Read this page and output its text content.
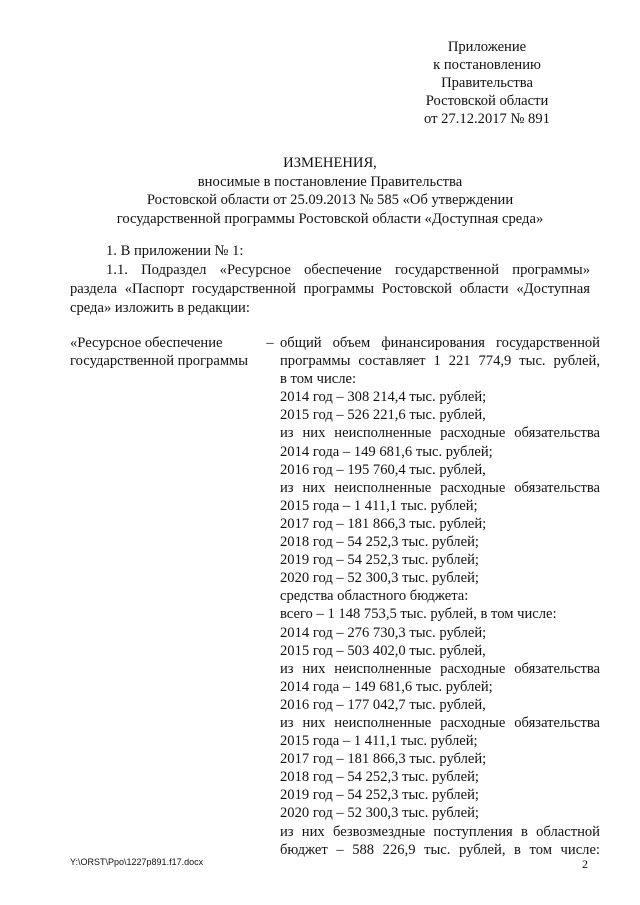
Приложение
к постановлению
Правительства
Ростовской области
от 27.12.2017 № 891
ИЗМЕНЕНИЯ,
вносимые в постановление Правительства
Ростовской области от 25.09.2013 № 585 «Об утверждении
государственной программы Ростовской области «Доступная среда»
1. В приложении № 1:
1.1. Подраздел «Ресурсное обеспечение государственной программы»
раздела «Паспорт государственной программы Ростовской области «Доступная
среда» изложить в редакции:
«Ресурсное обеспечение
государственной программы
– общий объем финансирования государственной
программы составляет 1 221 774,9 тыс. рублей,
в том числе:
2014 год – 308 214,4 тыс. рублей;
2015 год – 526 221,6 тыс. рублей,
из них неисполненные расходные обязательства
2014 года – 149 681,6 тыс. рублей;
2016 год – 195 760,4 тыс. рублей,
из них неисполненные расходные обязательства
2015 года – 1 411,1 тыс. рублей;
2017 год – 181 866,3 тыс. рублей;
2018 год – 54 252,3 тыс. рублей;
2019 год – 54 252,3 тыс. рублей;
2020 год – 52 300,3 тыс. рублей;
средства областного бюджета:
всего – 1 148 753,5 тыс. рублей, в том числе:
2014 год – 276 730,3 тыс. рублей;
2015 год – 503 402,0 тыс. рублей,
из них неисполненные расходные обязательства
2014 года – 149 681,6 тыс. рублей;
2016 год – 177 042,7 тыс. рублей,
из них неисполненные расходные обязательства
2015 года – 1 411,1 тыс. рублей;
2017 год – 181 866,3 тыс. рублей;
2018 год – 54 252,3 тыс. рублей;
2019 год – 54 252,3 тыс. рублей;
2020 год – 52 300,3 тыс. рублей;
из них безвозмездные поступления в областной
бюджет – 588 226,9 тыс. рублей, в том числе:
Y:\ORST\Ppo\1227p891.f17.docx	2
